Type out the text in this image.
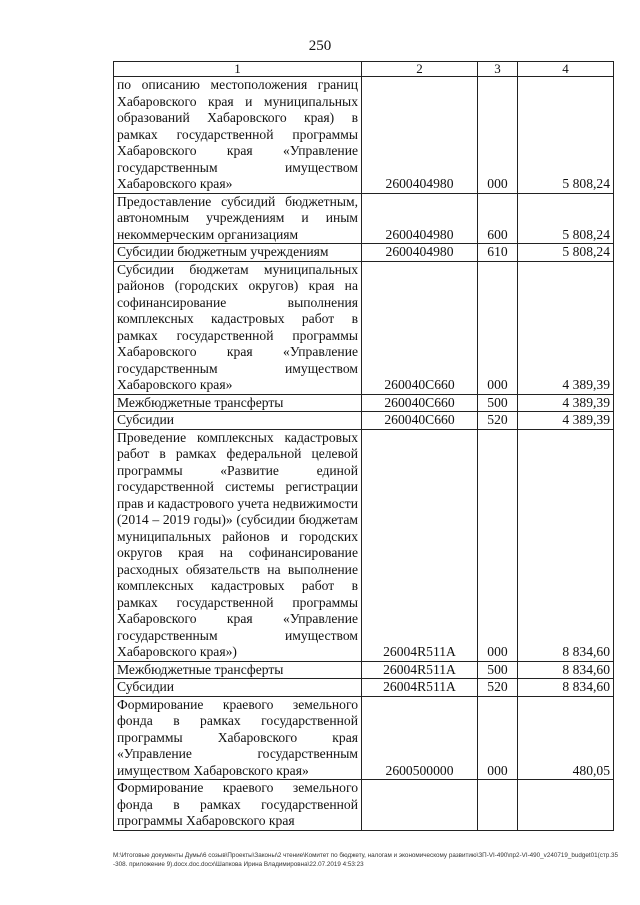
250
1	2	3	4
по описанию местоположения границ Хабаровского края и муниципальных образований Хабаровского края) в рамках государственной программы Хабаровского края «Управление государственным имуществом Хабаровского края»	2600404980	000	5 808,24
Предоставление субсидий бюджетным, автономным учреждениям и иным некоммерческим организациям	2600404980	600	5 808,24
Субсидии бюджетным учреждениям	2600404980	610	5 808,24
Субсидии бюджетам муниципальных районов (городских округов) края на софинансирование выполнения комплексных кадастровых работ в рамках государственной программы Хабаровского края «Управление государственным имуществом Хабаровского края»	260040С660	000	4 389,39
Межбюджетные трансферты	260040С660	500	4 389,39
Субсидии	260040С660	520	4 389,39
Проведение комплексных кадастровых работ в рамках федеральной целевой программы «Развитие единой государственной системы регистрации прав и кадастрового учета недвижимости (2014 – 2019 годы)» (субсидии бюджетам муниципальных районов и городских округов края на софинансирование расходных обязательств на выполнение комплексных кадастровых работ в рамках государственной программы Хабаровского края «Управление государственным имуществом Хабаровского края»)	26004R511A	000	8 834,60
Межбюджетные трансферты	26004R511A	500	8 834,60
Субсидии	26004R511A	520	8 834,60
Формирование краевого земельного фонда в рамках государственной программы Хабаровского края «Управление государственным имуществом Хабаровского края»	2600500000	000	480,05
Формирование краевого земельного фонда в рамках государственной программы Хабаровского края			
M:\Итоговые документы Думы\6 созыв\Проекты\Законы\2 чтение\Комитет по бюджету, налогам и экономическому развитию\ЗП-VI-490\пр2-VI-490_v240719_budget01(стр.35-308. приложение 9).docx.doc.docx\Шапкова Ирина Владимировна\22.07.2019 4:53:23
